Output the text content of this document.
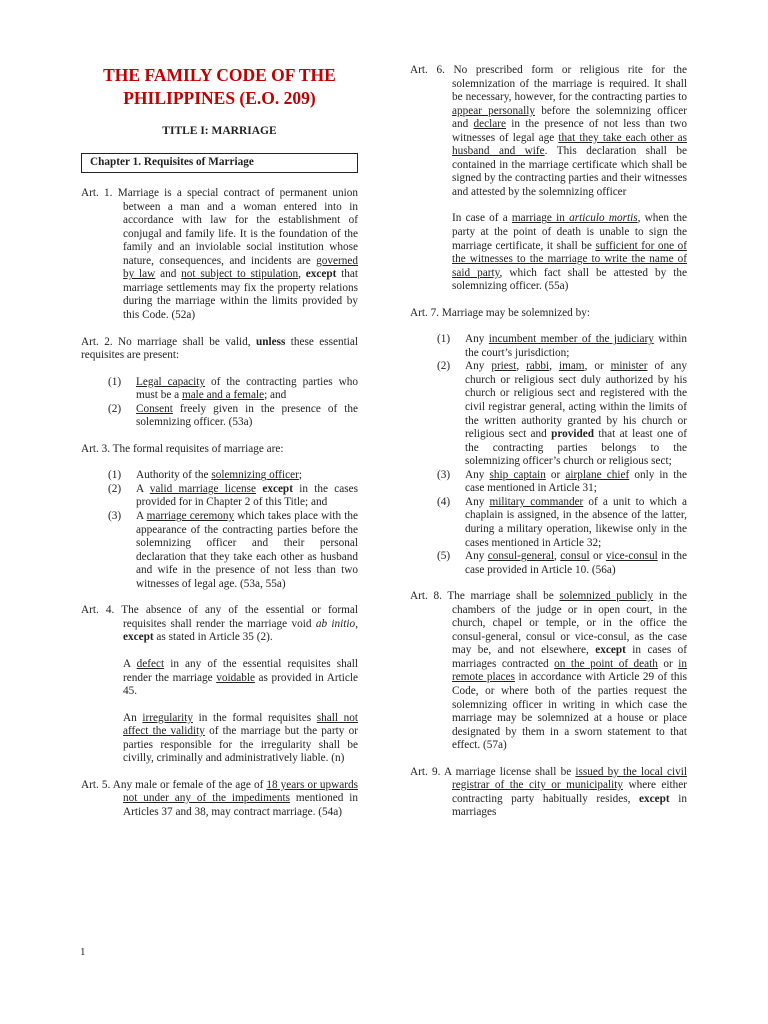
THE FAMILY CODE OF THE PHILIPPINES (E.O. 209)
TITLE I: MARRIAGE
Chapter 1. Requisites of Marriage
Art. 1. Marriage is a special contract of permanent union between a man and a woman entered into in accordance with law for the establishment of conjugal and family life. It is the foundation of the family and an inviolable social institution whose nature, consequences, and incidents are governed by law and not subject to stipulation, except that marriage settlements may fix the property relations during the marriage within the limits provided by this Code. (52a)
Art. 2. No marriage shall be valid, unless these essential requisites are present:
(1)	Legal capacity of the contracting parties who must be a male and a female; and
(2)	Consent freely given in the presence of the solemnizing officer. (53a)
Art. 3. The formal requisites of marriage are:
(1)	Authority of the solemnizing officer;
(2)	A valid marriage license except in the cases provided for in Chapter 2 of this Title; and
(3)	A marriage ceremony which takes place with the appearance of the contracting parties before the solemnizing officer and their personal declaration that they take each other as husband and wife in the presence of not less than two witnesses of legal age. (53a, 55a)
Art. 4. The absence of any of the essential or formal requisites shall render the marriage void ab initio, except as stated in Article 35 (2).
A defect in any of the essential requisites shall render the marriage voidable as provided in Article 45.
An irregularity in the formal requisites shall not affect the validity of the marriage but the party or parties responsible for the irregularity shall be civilly, criminally and administratively liable. (n)
Art. 5. Any male or female of the age of 18 years or upwards not under any of the impediments mentioned in Articles 37 and 38, may contract marriage. (54a)
Art. 6. No prescribed form or religious rite for the solemnization of the marriage is required. It shall be necessary, however, for the contracting parties to appear personally before the solemnizing officer and declare in the presence of not less than two witnesses of legal age that they take each other as husband and wife. This declaration shall be contained in the marriage certificate which shall be signed by the contracting parties and their witnesses and attested by the solemnizing officer
In case of a marriage in articulo mortis, when the party at the point of death is unable to sign the marriage certificate, it shall be sufficient for one of the witnesses to the marriage to write the name of said party, which fact shall be attested by the solemnizing officer. (55a)
Art. 7. Marriage may be solemnized by:
(1)	Any incumbent member of the judiciary within the court’s jurisdiction;
(2)	Any priest, rabbi, imam, or minister of any church or religious sect duly authorized by his church or religious sect and registered with the civil registrar general, acting within the limits of the written authority granted by his church or religious sect and provided that at least one of the contracting parties belongs to the solemnizing officer’s church or religious sect;
(3)	Any ship captain or airplane chief only in the case mentioned in Article 31;
(4)	Any military commander of a unit to which a chaplain is assigned, in the absence of the latter, during a military operation, likewise only in the cases mentioned in Article 32;
(5)	Any consul-general, consul or vice-consul in the case provided in Article 10. (56a)
Art. 8. The marriage shall be solemnized publicly in the chambers of the judge or in open court, in the church, chapel or temple, or in the office the consul-general, consul or vice-consul, as the case may be, and not elsewhere, except in cases of marriages contracted on the point of death or in remote places in accordance with Article 29 of this Code, or where both of the parties request the solemnizing officer in writing in which case the marriage may be solemnized at a house or place designated by them in a sworn statement to that effect. (57a)
Art. 9. A marriage license shall be issued by the local civil registrar of the city or municipality where either contracting party habitually resides, except in marriages
1
